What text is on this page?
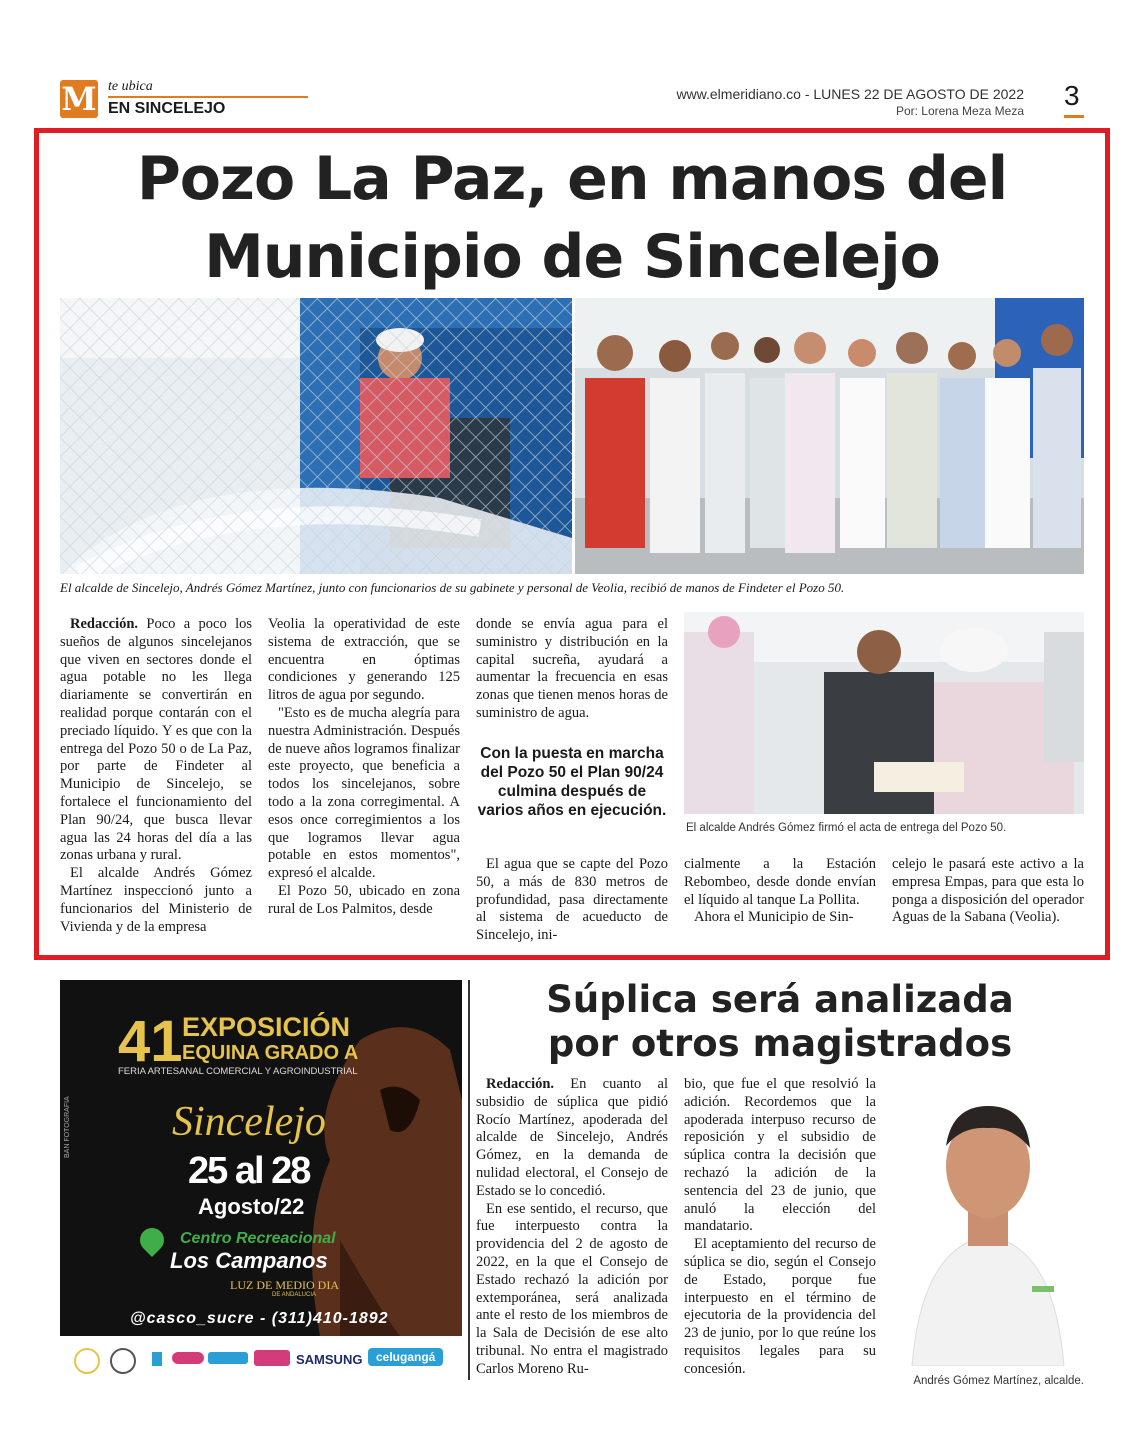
M te ubica
EN SINCELEJO
www.elmeridiano.co - LUNES 22 DE AGOSTO DE 2022
Por: Lorena Meza Meza 3
Pozo La Paz, en manos del
Municipio de Sincelejo
El alcalde de Sincelejo, Andrés Gómez Martínez, junto con funcionarios de su gabinete y personal de Veolia, recibió de manos de Findeter el Pozo 50.

Redacción. Poco a poco los sueños de algunos sincelejanos que viven en sectores donde el agua potable no les llega diariamente se convertirán en realidad porque contarán con el preciado líquido. Y es que con la entrega del Pozo 50 o de La Paz, por parte de Findeter al Municipio de Sincelejo, se fortalece el funcionamiento del Plan 90/24, que busca llevar agua las 24 horas del día a las zonas urbana y rural.

El alcalde Andrés Gómez Martínez inspeccionó junto a funcionarios del Ministerio de Vivienda y de la empresa

Veolia la operatividad de este sistema de extracción, que se encuentra en óptimas condiciones y generando 125 litros de agua por segundo.

"Esto es de mucha alegría para nuestra Administración. Después de nueve años logramos finalizar este proyecto, que beneficia a todos los sincelejanos, sobre todo a la zona corregimental. A esos once corregimientos a los que logramos llevar agua potable en estos momentos", expresó el alcalde.

El Pozo 50, ubicado en zona rural de Los Palmitos, desde

donde se envía agua para el suministro y distribución en la capital sucreña, ayudará a aumentar la frecuencia en esas zonas que tienen menos horas de suministro de agua.

Con la puesta en marcha del Pozo 50 el Plan 90/24 culmina después de varios años en ejecución.

El agua que se capte del Pozo 50, a más de 830 metros de profundidad, pasa directamente al sistema de acueducto de Sincelejo, ini-

El alcalde Andrés Gómez firmó el acta de entrega del Pozo 50.

cialmente a la Estación Rebombeo, desde donde envían el líquido al tanque La Pollita.

Ahora el Municipio de Sin-

celejo le pasará este activo a la empresa Empas, para que esta lo ponga a disposición del operador Aguas de la Sabana (Veolia).

41 EXPOSICIÓN
EQUINA GRADO A
FERIA ARTESANAL COMERCIAL Y AGROINDUSTRIAL
Sincelejo
25 al 28
Agosto/22
Centro Recreacional
Los Campanos
LUZ DE MEDIO DIA
DE ANDALUCIA
BAN FOTOGRAFIA
@casco_sucre - (311)410-1892
SAMSUNG	celugangá
Súplica será analizada
por otros magistrados

Redacción. En cuanto al subsidio de súplica que pidió Rocío Martínez, apoderada del alcalde de Sincelejo, Andrés Gómez, en la demanda de nulidad electoral, el Consejo de Estado se lo concedió.

En ese sentido, el recurso, que fue interpuesto contra la providencia del 2 de agosto de 2022, en la que el Consejo de Estado rechazó la adición por extemporánea, será analizada ante el resto de los miembros de la Sala de Decisión de ese alto tribunal. No entra el magistrado Carlos Moreno Ru-

bio, que fue el que resolvió la adición. Recordemos que la apoderada interpuso recurso de reposición y el subsidio de súplica contra la decisión que rechazó la adición de la sentencia del 23 de junio, que anuló la elección del mandatario.

El aceptamiento del recurso de súplica se dio, según el Consejo de Estado, porque fue interpuesto en el término de ejecutoria de la providencia del 23 de junio, por lo que reúne los requisitos legales para su concesión.

Andrés Gómez Martínez, alcalde.
